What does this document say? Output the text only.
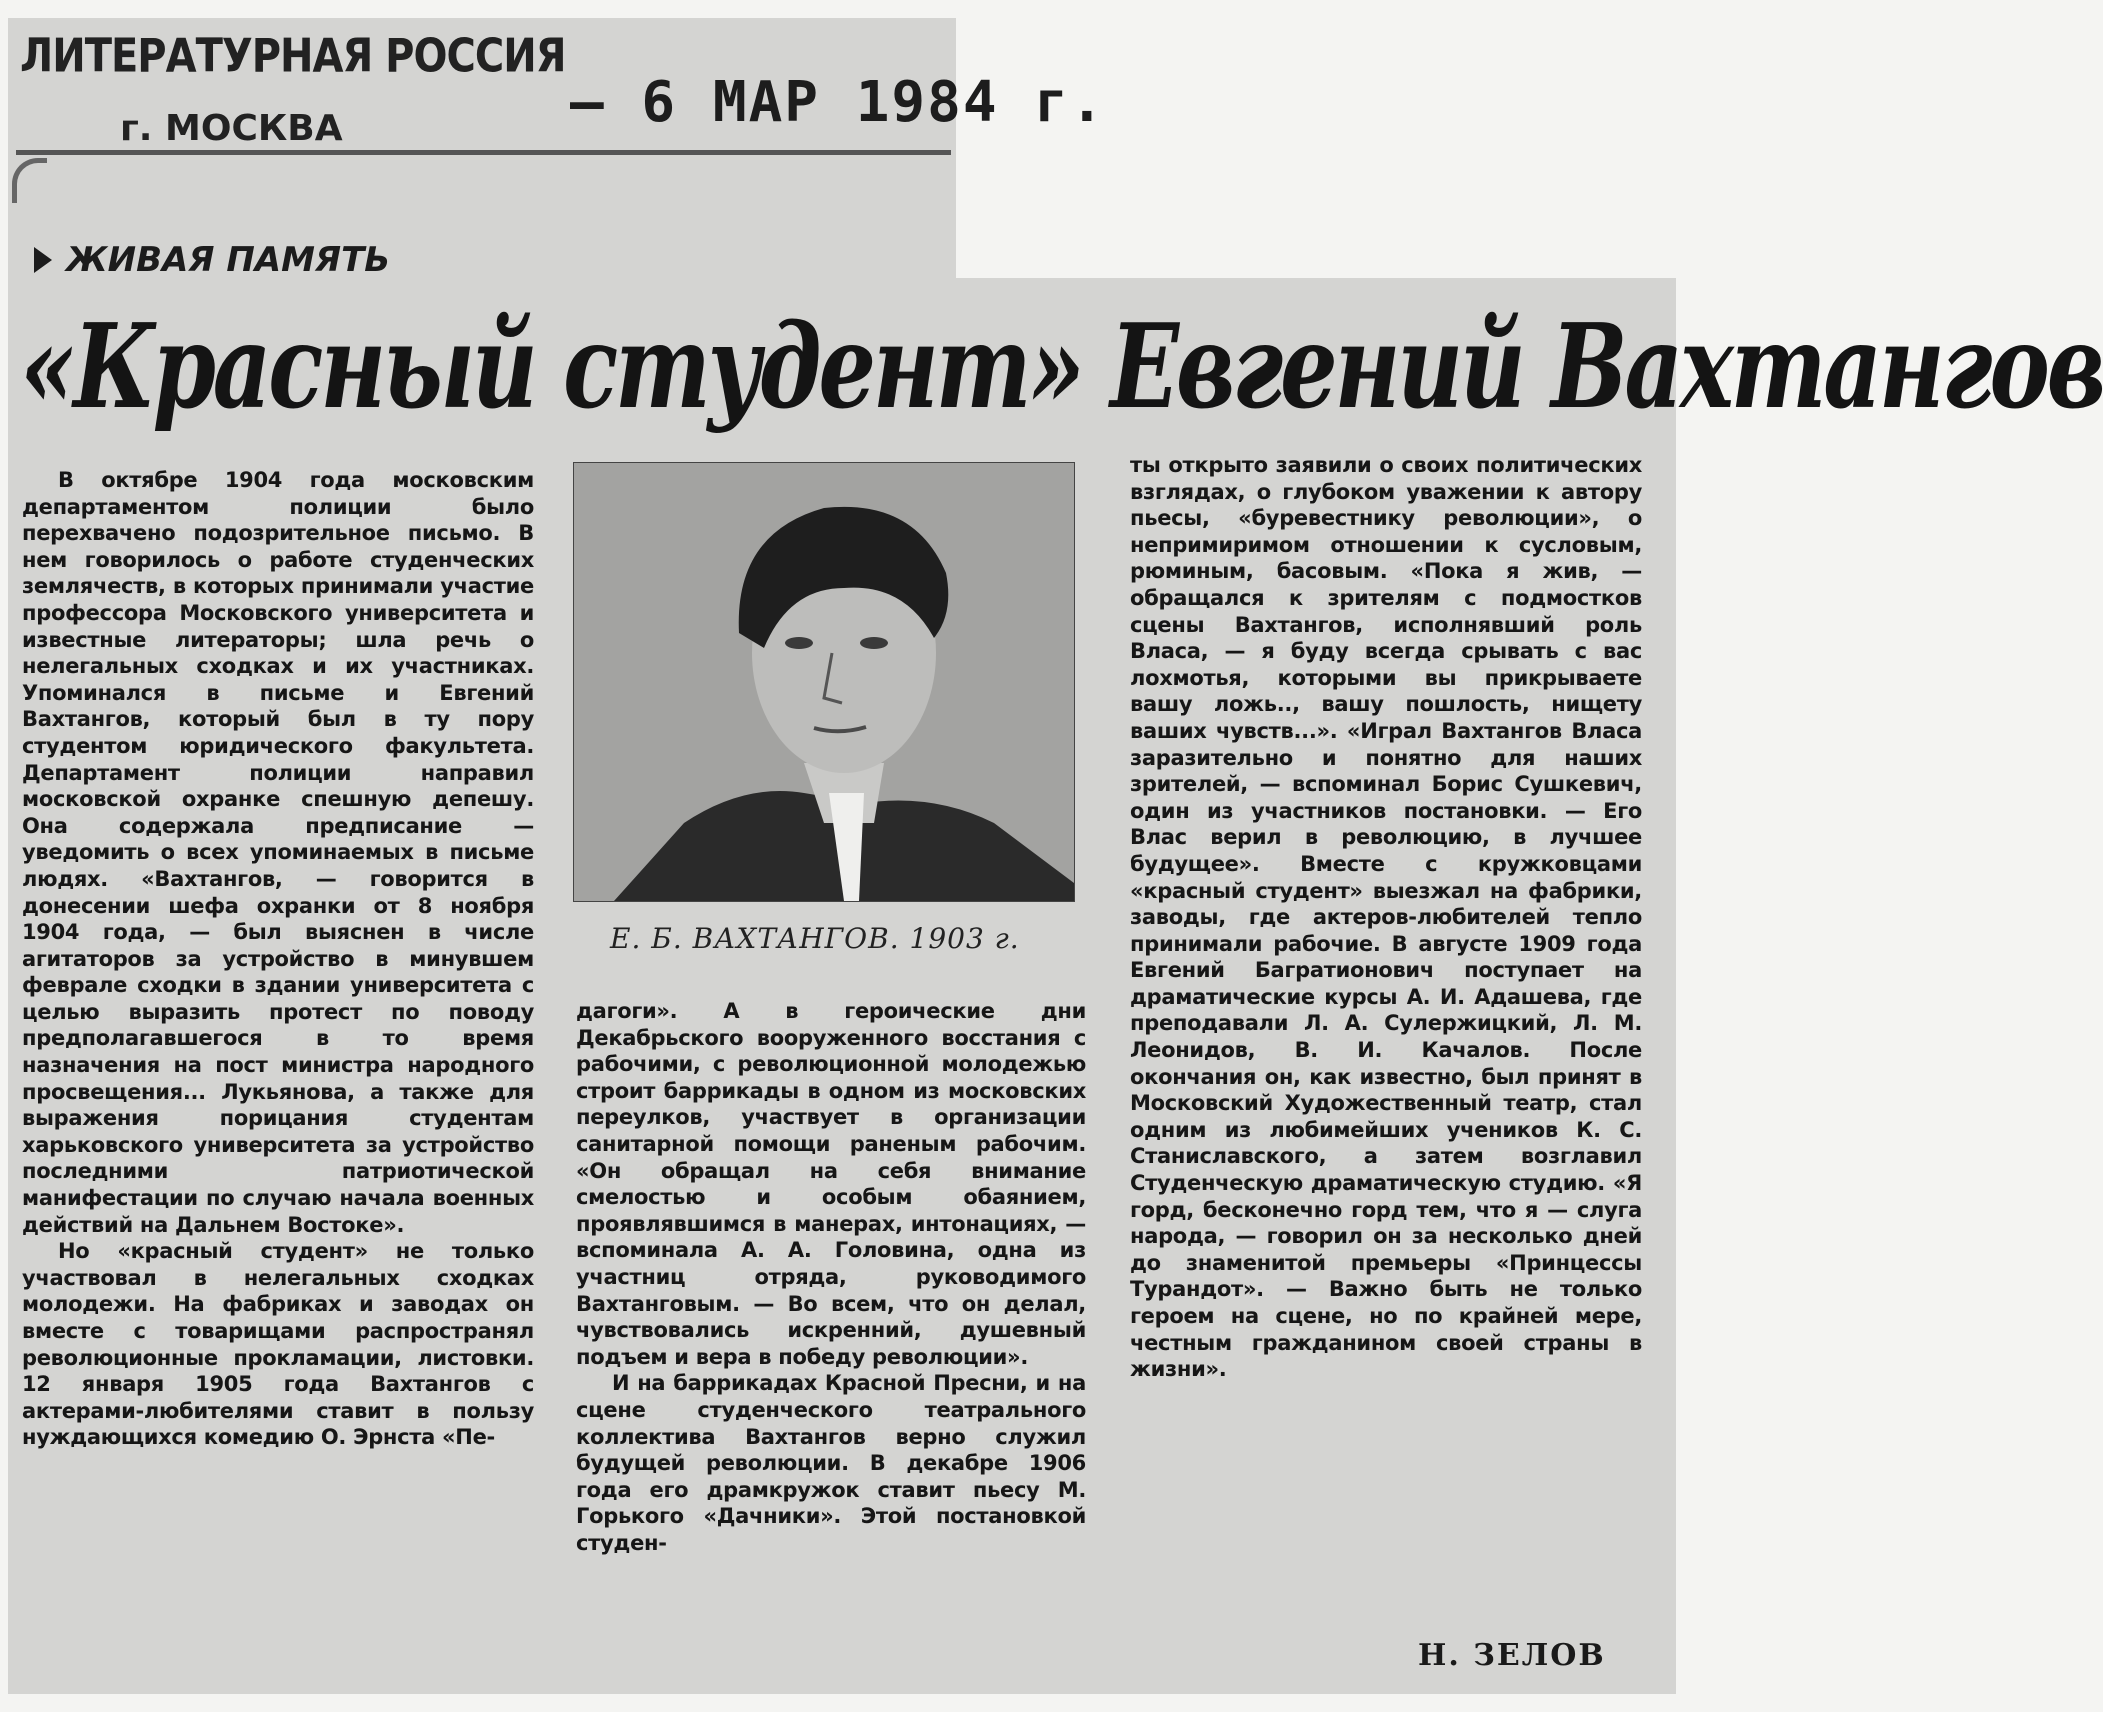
ЛИТЕРАТУРНАЯ РОССИЯ
г. МОСКВА	– 6 МАР 1984 г.
ЖИВАЯ ПАМЯТЬ
«Красный студент» Евгений Вахтангов

В октябре 1904 года московским департаментом полиции было перехвачено подозрительное письмо. В нем говорилось о работе студенческих землячеств, в которых принимали участие профессора Московского университета и известные литераторы; шла речь о нелегальных сходках и их участниках. Упоминался в письме и Евгений Вахтангов, который был в ту пору студентом юридического факультета. Департамент полиции направил московской охранке спешную депешу. Она содержала предписание — уведомить о всех упоминаемых в письме людях. «Вахтангов, — говорится в донесении шефа охранки от 8 ноября 1904 года, — был выяснен в числе агитаторов за устройство в минувшем феврале сходки в здании университета с целью выразить протест по поводу предполагавшегося в то время назначения на пост министра народного просвещения... Лукьянова, а также для выражения порицания студентам харьковского университета за устройство последними патриотической манифестации по случаю начала военных действий на Дальнем Востоке».

Но «красный студент» не только участвовал в нелегальных сходках молодежи. На фабриках и заводах он вместе с товарищами распространял революционные прокламации, листовки. 12 января 1905 года Вахтангов с актерами-любителями ставит в пользу нуждающихся комедию О. Эрнста «Пе-

Е. Б. ВАХТАНГОВ. 1903 г.

дагоги». А в героические дни Декабрьского вооруженного восстания с рабочими, с революционной молодежью строит баррикады в одном из московских переулков, участвует в организации санитарной помощи раненым рабочим. «Он обращал на себя внимание смелостью и особым обаянием, проявлявшимся в манерах, интонациях, — вспоминала А. А. Головина, одна из участниц отряда, руководимого Вахтанговым. — Во всем, что он делал, чувствовались искренний, душевный подъем и вера в победу революции».

И на баррикадах Красной Пресни, и на сцене студенческого театрального коллектива Вахтангов верно служил будущей революции. В декабре 1906 года его драмкружок ставит пьесу М. Горького «Дачники». Этой постановкой студен-

ты открыто заявили о своих политических взглядах, о глубоком уважении к автору пьесы, «буревестнику революции», о непримиримом отношении к сусловым, рюминым, басовым. «Пока я жив, — обращался к зрителям с подмостков сцены Вахтангов, исполнявший роль Власа, — я буду всегда срывать с вас лохмотья, которыми вы прикрываете вашу ложь.., вашу пошлость, нищету ваших чувств...». «Играл Вахтангов Власа заразительно и понятно для наших зрителей, — вспоминал Борис Сушкевич, один из участников постановки. — Его Влас верил в революцию, в лучшее будущее». Вместе с кружковцами «красный студент» выезжал на фабрики, заводы, где актеров-любителей тепло принимали рабочие. В августе 1909 года Евгений Багратионович поступает на драматические курсы А. И. Адашева, где преподавали Л. А. Сулержицкий, Л. М. Леонидов, В. И. Качалов. После окончания он, как известно, был принят в Московский Художественный театр, стал одним из любимейших учеников К. С. Станиславского, а затем возглавил Студенческую драматическую студию. «Я горд, бесконечно горд тем, что я — слуга народа, — говорил он за несколько дней до знаменитой премьеры «Принцессы Турандот». — Важно быть не только героем на сцене, но по крайней мере, честным гражданином своей страны в жизни».

Н. ЗЕЛОВ
